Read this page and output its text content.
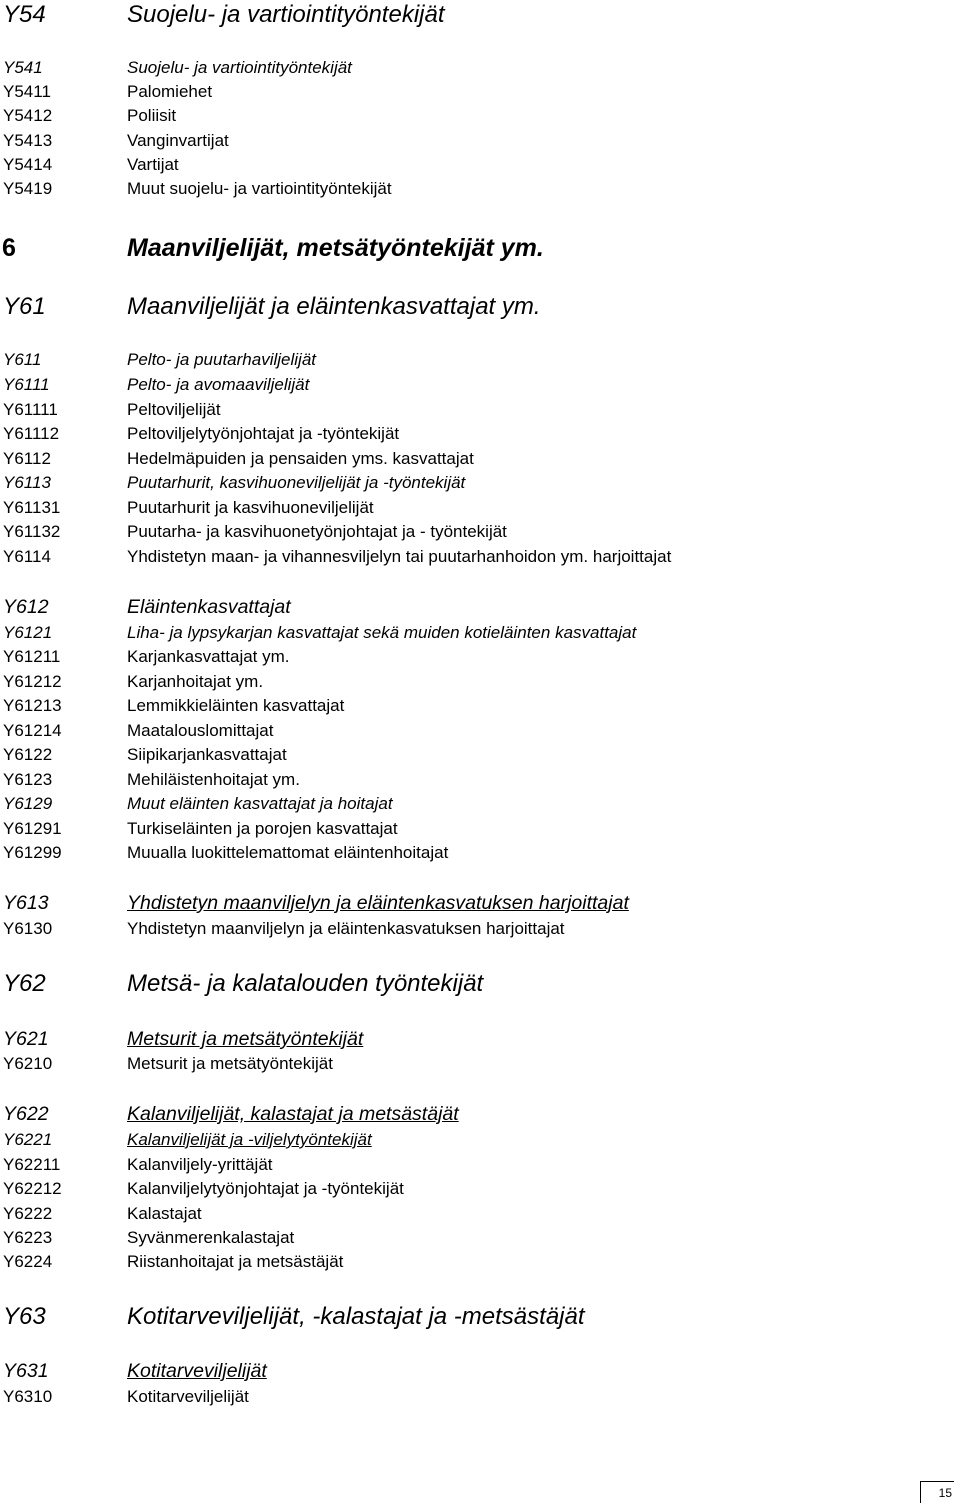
Y54	Suojelu- ja vartiointityöntekijät
Y541	Suojelu- ja vartiointityöntekijät
Y5411	Palomiehet
Y5412	Poliisit
Y5413	Vanginvartijat
Y5414	Vartijat
Y5419	Muut suojelu- ja vartiointityöntekijät
6	Maanviljelijät, metsätyöntekijät ym.
Y61	Maanviljelijät ja eläintenkasvattajat ym.
Y611	Pelto- ja puutarhaviljelijät
Y6111	Pelto- ja avomaaviljelijät
Y61111	Peltoviljelijät
Y61112	Peltoviljelytyönjohtajat ja -työntekijät
Y6112	Hedelmäpuiden ja pensaiden yms. kasvattajat
Y6113	Puutarhurit, kasvihuoneviljelijät ja -työntekijät
Y61131	Puutarhurit ja kasvihuoneviljelijät
Y61132	Puutarha- ja kasvihuonetyönjohtajat ja - työntekijät
Y6114	Yhdistetyn maan- ja vihannesviljelyn tai puutarhanhoidon ym. harjoittajat
Y612	Eläintenkasvattajat
Y6121	Liha- ja lypsykarjan kasvattajat sekä muiden kotieläinten kasvattajat
Y61211	Karjankasvattajat ym.
Y61212	Karjanhoitajat ym.
Y61213	Lemmikkieläinten kasvattajat
Y61214	Maatalouslomittajat
Y6122	Siipikarjankasvattajat
Y6123	Mehiläistenhoitajat ym.
Y6129	Muut eläinten kasvattajat ja hoitajat
Y61291	Turkiseläinten ja porojen kasvattajat
Y61299	Muualla luokittelemattomat eläintenhoitajat
Y613	Yhdistetyn maanviljelyn ja eläintenkasvatuksen harjoittajat
Y6130	Yhdistetyn maanviljelyn ja eläintenkasvatuksen harjoittajat
Y62	Metsä- ja kalatalouden työntekijät
Y621	Metsurit ja metsätyöntekijät
Y6210	Metsurit ja metsätyöntekijät
Y622	Kalanviljelijät, kalastajat ja metsästäjät
Y6221	Kalanviljelijät ja -viljelytyöntekijät
Y62211	Kalanviljely-yrittäjät
Y62212	Kalanviljelytyönjohtajat ja -työntekijät
Y6222	Kalastajat
Y6223	Syvänmerenkalastajat
Y6224	Riistanhoitajat ja metsästäjät
Y63	Kotitarveviljelijät, -kalastajat ja -metsästäjät
Y631	Kotitarveviljelijät
Y6310	Kotitarveviljelijät
15
